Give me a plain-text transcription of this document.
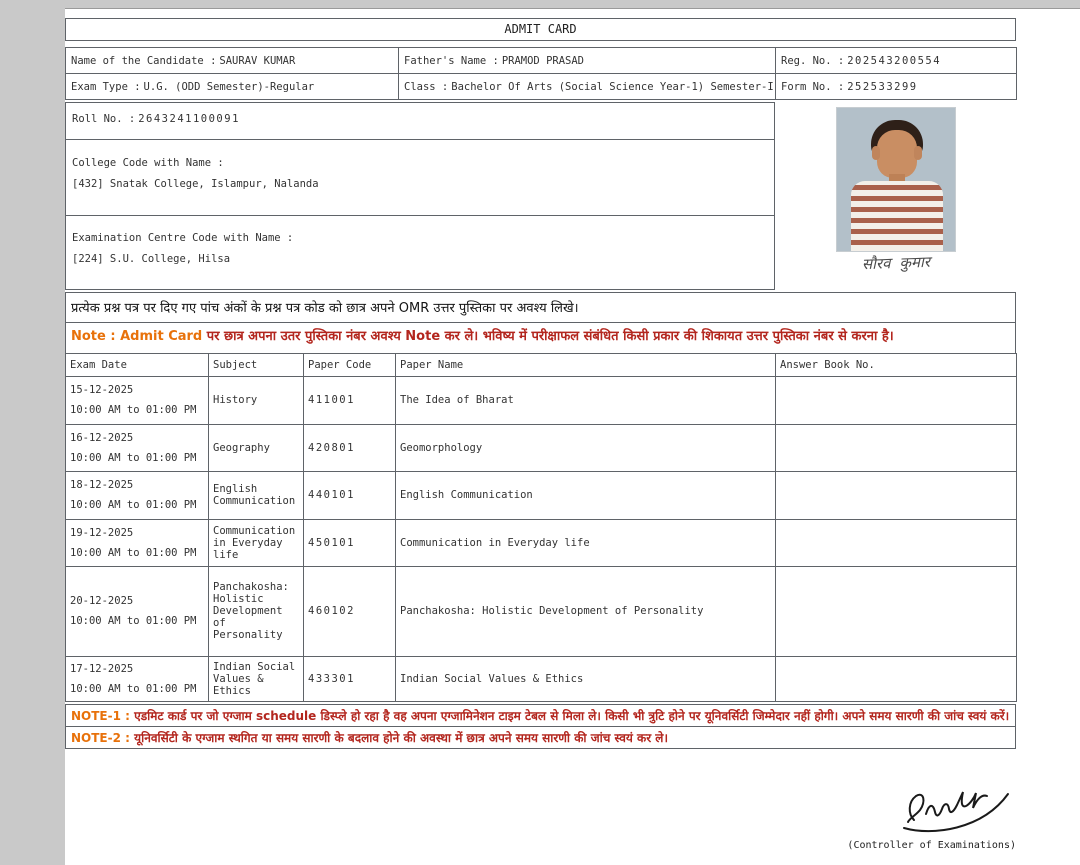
ADMIT CARD
Name of the Candidate : SAURAV KUMAR	Father's Name : PRAMOD PRASAD	Reg. No. : 202543200554
Exam Type : U.G. (ODD Semester)-Regular	Class : Bachelor Of Arts (Social Science Year-1) Semester-I	Form No. : 252533299
Roll No. : 2643241100091
College Code with Name :
[432] Snatak College, Islampur, Nalanda
Examination Centre Code with Name :
[224] S.U. College, Hilsa	सौरव कुमार
प्रत्येक प्रश्न पत्र पर दिए गए पांच अंकों के प्रश्न पत्र कोड को छात्र अपने OMR उत्तर पुस्तिका पर अवश्य लिखे।
Note : Admit Card पर छात्र अपना उतर पुस्तिका नंबर अवश्य Note कर ले। भविष्य में परीक्षाफल संबंधित किसी प्रकार की शिकायत उत्तर पुस्तिका नंबर से करना है।
Exam Date	Subject	Paper Code	Paper Name	Answer Book No.

15-12-2025
10:00 AM to 01:00 PM	History	411001	The Idea of Bharat	

16-12-2025
10:00 AM to 01:00 PM	Geography	420801	Geomorphology	

18-12-2025
10:00 AM to 01:00 PM	English Communication	440101	English Communication	

19-12-2025
10:00 AM to 01:00 PM	Communication in Everyday life	450101	Communication in Everyday life	

20-12-2025
10:00 AM to 01:00 PM	Panchakosha: Holistic Development of Personality	460102	Panchakosha: Holistic Development of Personality	

17-12-2025
10:00 AM to 01:00 PM	Indian Social Values & Ethics	433301	Indian Social Values & Ethics	
NOTE-1 : एडमिट कार्ड पर जो एग्जाम schedule डिस्प्ले हो रहा है वह अपना एग्जामिनेशन टाइम टेबल से मिला ले। किसी भी त्रुटि होने पर यूनिवर्सिटी जिम्मेदार नहीं होगी। अपने समय सारणी की जांच स्वयं करें।
NOTE-2 : यूनिवर्सिटी के एग्जाम स्थगित या समय सारणी के बदलाव होने की अवस्था में छात्र अपने समय सारणी की जांच स्वयं कर ले।
(Controller of Examinations)
